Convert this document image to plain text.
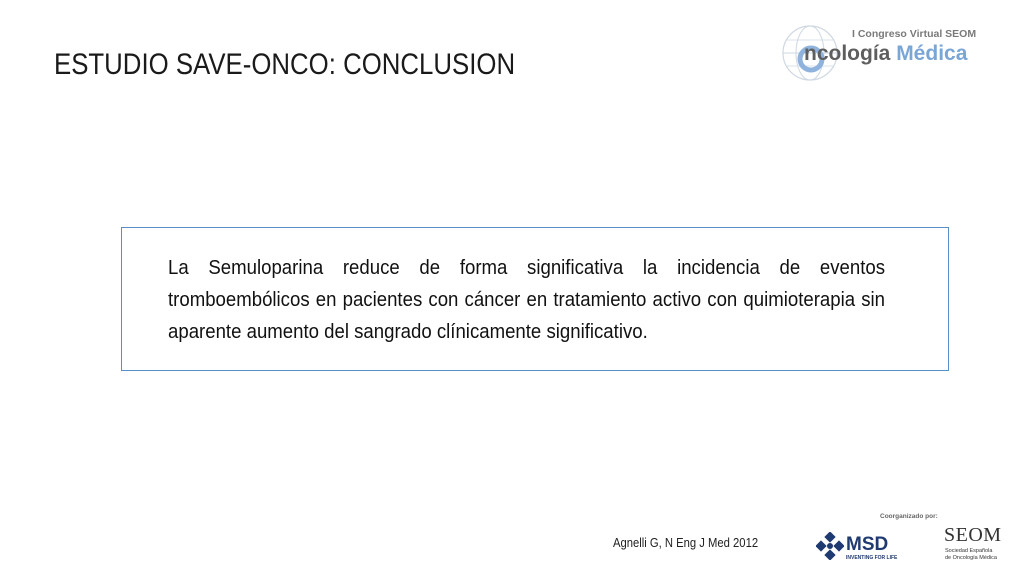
ESTUDIO SAVE-ONCO: CONCLUSION
I Congreso Virtual SEOM
ncología Médica
La Semuloparina reduce de forma significativa la incidencia de eventos tromboembólicos en pacientes con cáncer en tratamiento activo con quimioterapia sin aparente aumento del sangrado clínicamente significativo.
Agnelli G, N Eng J Med 2012
Coorganizado por:
MSD
INVENTING FOR LIFE
SEOM
Sociedad Española
de Oncología Médica
